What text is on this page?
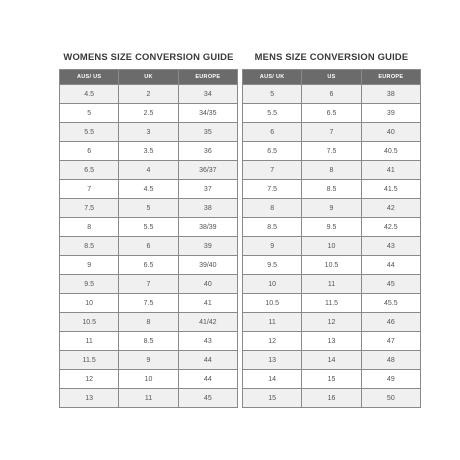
WOMENS SIZE CONVERSION GUIDE
AUS/ US	UK	EUROPE
4.5	2	34
5	2.5	34/35
5.5	3	35
6	3.5	36
6.5	4	36/37
7	4.5	37
7.5	5	38
8	5.5	38/39
8.5	6	39
9	6.5	39/40
9.5	7	40
10	7.5	41
10.5	8	41/42
11	8.5	43
11.5	9	44
12	10	44
13	11	45
MENS SIZE CONVERSION GUIDE
AUS/ UK	US	EUROPE
5	6	38
5.5	6.5	39
6	7	40
6.5	7.5	40.5
7	8	41
7.5	8.5	41.5
8	9	42
8.5	9.5	42.5
9	10	43
9.5	10.5	44
10	11	45
10.5	11.5	45.5
11	12	46
12	13	47
13	14	48
14	15	49
15	16	50
